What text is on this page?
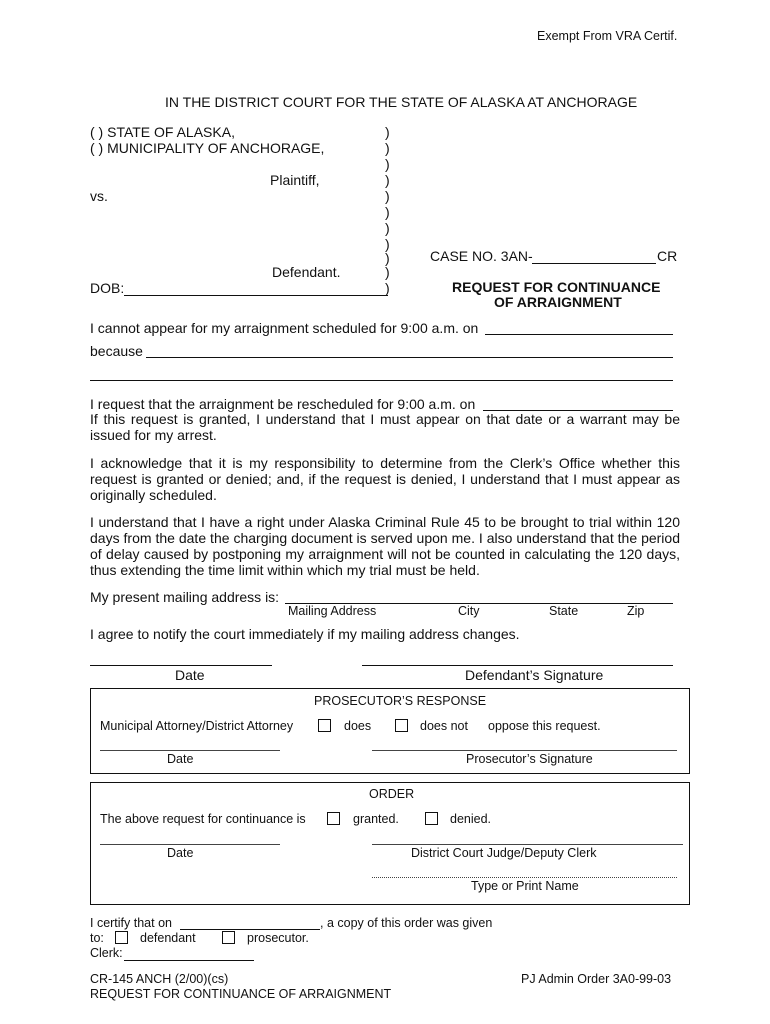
Exempt From VRA Certif.
IN THE DISTRICT COURT FOR THE STATE OF ALASKA AT ANCHORAGE
( ) STATE OF ALASKA,
( ) MUNICIPALITY OF ANCHORAGE,
Plaintiff,
vs.
Defendant.
DOB:
)
)
)
)
)
)
)
)
)
)
)
CASE NO. 3AN-	CR
REQUEST FOR CONTINUANCE
OF ARRAIGNMENT
I cannot appear for my arraignment scheduled for 9:00 a.m. on
because
I request that the arraignment be rescheduled for 9:00 a.m. on
If this request is granted, I understand that I must appear on that date or a warrant may be issued for my arrest.
I acknowledge that it is my responsibility to determine from the Clerk’s Office whether this request is granted or denied; and, if the request is denied, I understand that I must appear as originally scheduled.
I understand that I have a right under Alaska Criminal Rule 45 to be brought to trial within 120 days from the date the charging document is served upon me. I also understand that the period of delay caused by postponing my arraignment will not be counted in calculating the 120 days, thus extending the time limit within which my trial must be held.
My present mailing address is:
Mailing Address	City	State	Zip
I agree to notify the court immediately if my mailing address changes.
Date	Defendant’s Signature
PROSECUTOR’S RESPONSE
Municipal Attorney/District Attorney	does	does not oppose this request.
Date	Prosecutor’s Signature
ORDER
The above request for continuance is	granted.	denied.
Date	District Court Judge/Deputy Clerk
Type or Print Name
I certify that on	, a copy of this order was given
to:	defendant	prosecutor.
Clerk:
CR-145 ANCH (2/00)(cs)
REQUEST FOR CONTINUANCE OF ARRAIGNMENT
PJ Admin Order 3A0-99-03
